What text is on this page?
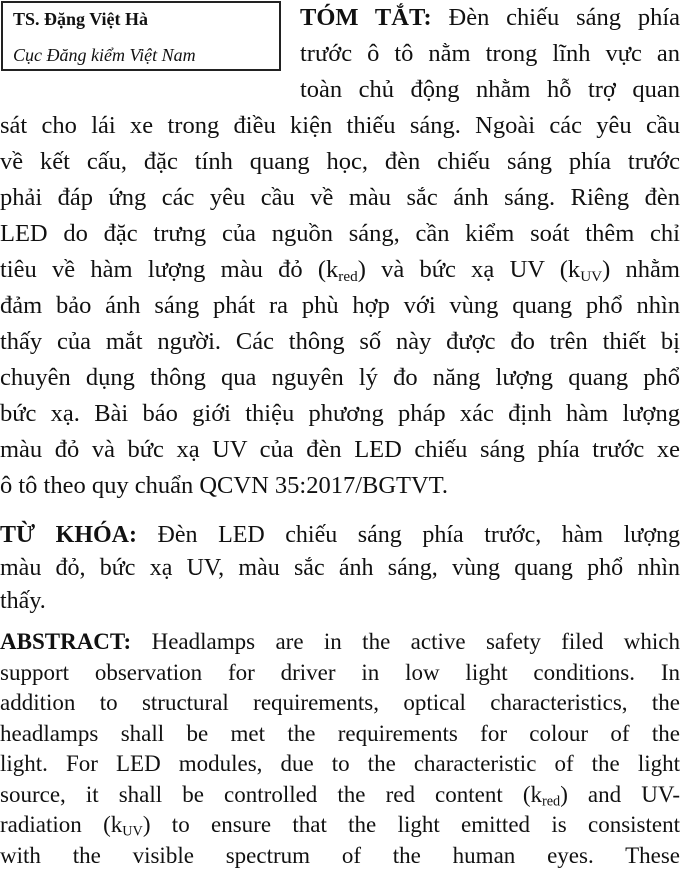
TS. Đặng Việt Hà
Cục Đăng kiểm Việt Nam
TÓM TẮT: Đèn chiếu sáng phía
trước ô tô nằm trong lĩnh vực an
toàn chủ động nhằm hỗ trợ quan
sát cho lái xe trong điều kiện thiếu sáng. Ngoài các yêu cầu
về kết cấu, đặc tính quang học, đèn chiếu sáng phía trước
phải đáp ứng các yêu cầu về màu sắc ánh sáng. Riêng đèn
LED do đặc trưng của nguồn sáng, cần kiểm soát thêm chỉ
tiêu về hàm lượng màu đỏ $(k_{red})$ và bức xạ UV $(k_{UV})$ nhằm
đảm bảo ánh sáng phát ra phù hợp với vùng quang phổ nhìn
thấy của mắt người. Các thông số này được đo trên thiết bị
chuyên dụng thông qua nguyên lý đo năng lượng quang phổ
bức xạ. Bài báo giới thiệu phương pháp xác định hàm lượng
màu đỏ và bức xạ UV của đèn LED chiếu sáng phía trước xe
ô tô theo quy chuẩn QCVN 35:2017/BGTVT.
TỪ KHÓA: Đèn LED chiếu sáng phía trước, hàm lượng
màu đỏ, bức xạ UV, màu sắc ánh sáng, vùng quang phổ nhìn
thấy.
ABSTRACT: Headlamps are in the active safety filed which
support observation for driver in low light conditions. In
addition to structural requirements, optical characteristics, the
headlamps shall be met the requirements for colour of the
light. For LED modules, due to the characteristic of the light
source, it shall be controlled the red content $(k_{red})$ and UV-
radiation $(k_{UV})$ to ensure that the light emitted is consistent
with the visible spectrum of the human eyes. These
